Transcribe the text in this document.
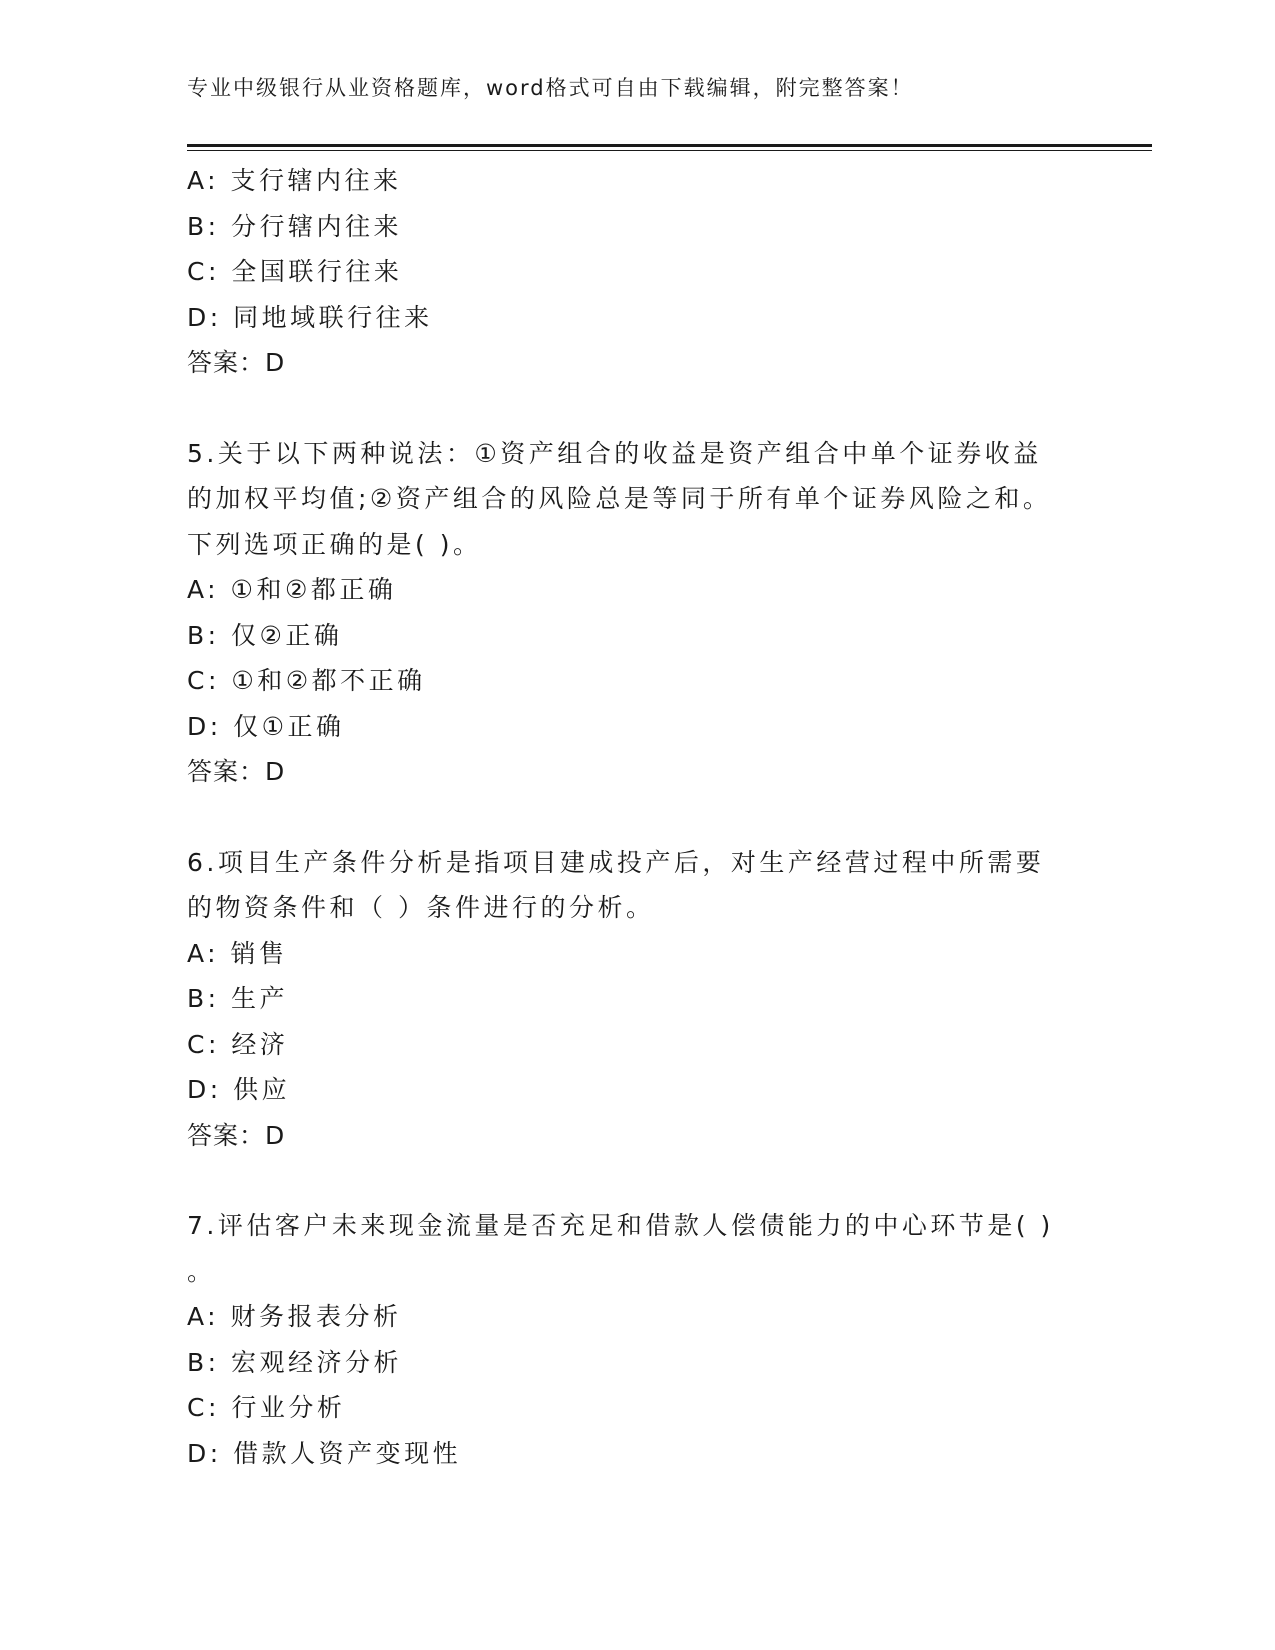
专业中级银行从业资格题库，word格式可自由下载编辑，附完整答案！
A: 支行辖内往来
B: 分行辖内往来
C: 全国联行往来
D: 同地域联行往来
答案：D
5.关于以下两种说法：①资产组合的收益是资产组合中单个证券收益
的加权平均值;②资产组合的风险总是等同于所有单个证券风险之和。
下列选项正确的是( )。
A: ①和②都正确
B: 仅②正确
C: ①和②都不正确
D: 仅①正确
答案：D
6.项目生产条件分析是指项目建成投产后，对生产经营过程中所需要
的物资条件和（ ）条件进行的分析。
A: 销售
B: 生产
C: 经济
D: 供应
答案：D
7.评估客户未来现金流量是否充足和借款人偿债能力的中心环节是( )
。
A: 财务报表分析
B: 宏观经济分析
C: 行业分析
D: 借款人资产变现性
